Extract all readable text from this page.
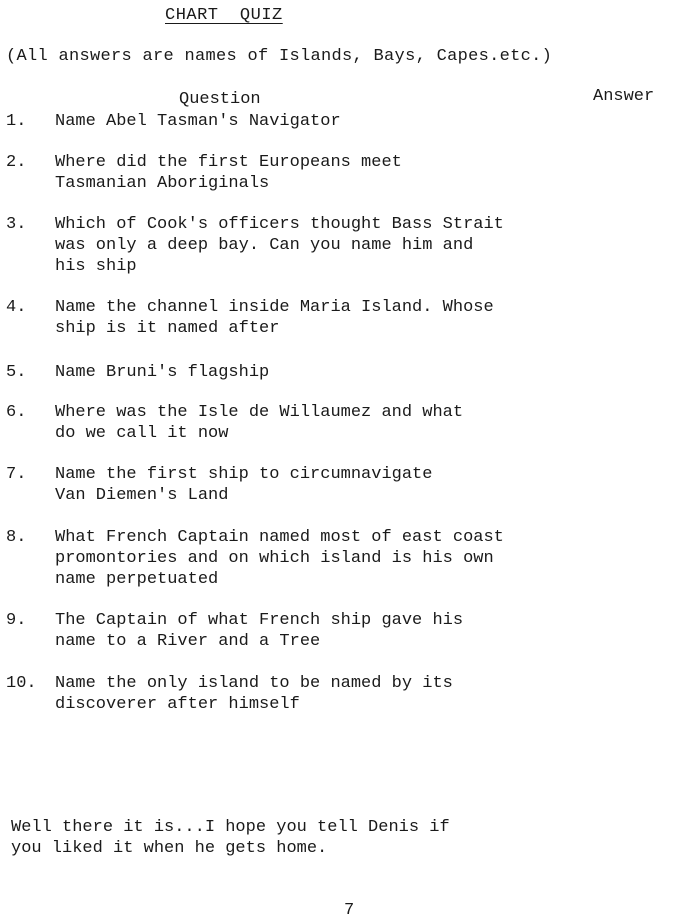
CHART  QUIZ
(All answers are names of Islands, Bays, Capes.etc.)
Question	Answer
1. Name Abel Tasman's Navigator
2. Where did the first Europeans meet
Tasmanian Aboriginals
3. Which of Cook's officers thought Bass Strait
was only a deep bay. Can you name him and
his ship
4. Name the channel inside Maria Island. Whose
ship is it named after
5. Name Bruni's flagship
6. Where was the Isle de Willaumez and what
do we call it now
7. Name the first ship to circumnavigate
Van Diemen's Land
8. What French Captain named most of east coast
promontories and on which island is his own
name perpetuated
9. The Captain of what French ship gave his
name to a River and a Tree
10. Name the only island to be named by its
discoverer after himself
Well there it is...I hope you tell Denis if
you liked it when he gets home.
7
